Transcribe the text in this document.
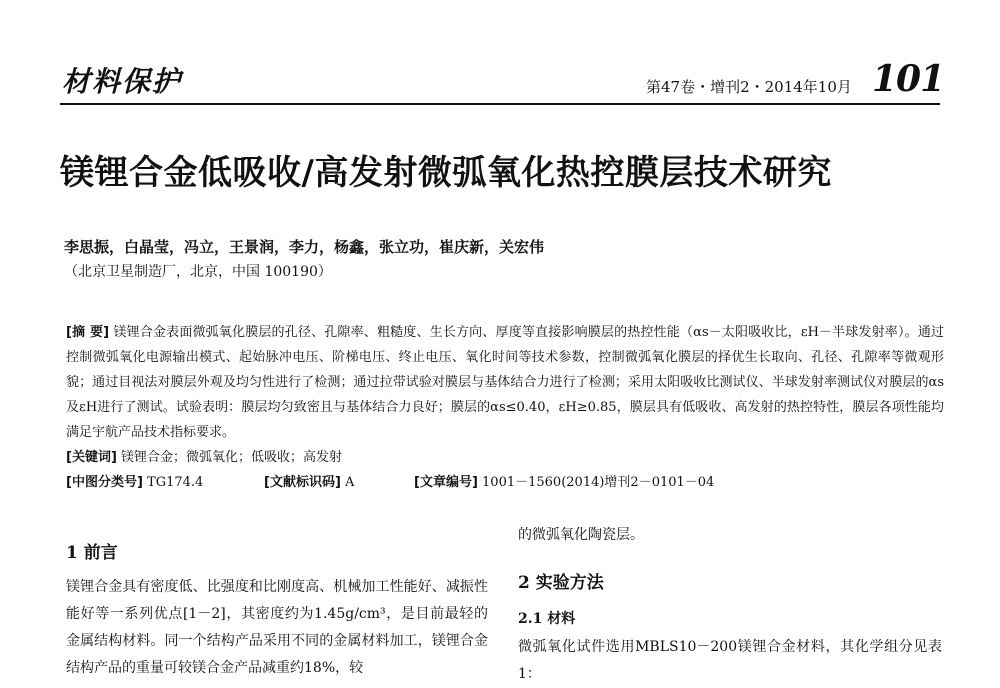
材料保护	第47卷・增刊2・2014年10月 101
镁锂合金低吸收/高发射微弧氧化热控膜层技术研究
李思振，白晶莹，冯立，王景润，李力，杨鑫，张立功，崔庆新，关宏伟
（北京卫星制造厂，北京，中国 100190）
[摘 要] 镁锂合金表面微弧氧化膜层的孔径、孔隙率、粗糙度、生长方向、厚度等直接影响膜层的热控性能（αs－太阳吸收比，εH－半球发射率）。通过控制微弧氧化电源输出模式、起始脉冲电压、阶梯电压、终止电压、氧化时间等技术参数，控制微弧氧化膜层的择优生长取向、孔径、孔隙率等微观形貌；通过目视法对膜层外观及均匀性进行了检测；通过拉带试验对膜层与基体结合力进行了检测；采用太阳吸收比测试仪、半球发射率测试仪对膜层的αs及εH进行了测试。试验表明：膜层均匀致密且与基体结合力良好；膜层的αs≤0.40，εH≥0.85，膜层具有低吸收、高发射的热控特性，膜层各项性能均满足宇航产品技术指标要求。
[关键词] 镁锂合金；微弧氧化；低吸收；高发射
[中图分类号] TG174.4	[文献标识码] A	[文章编号] 1001－1560(2014)增刊2－0101－04
1 前言
镁锂合金具有密度低、比强度和比刚度高、机械加工性能好、减振性能好等一系列优点[1－2]，其密度约为1.45g/cm³，是目前最轻的金属结构材料。同一个结构产品采用不同的金属材料加工，镁锂合金结构产品的重量可较镁合金产品减重约18%，较
的微弧氧化陶瓷层。
2 实验方法
2.1 材料
微弧氧化试件选用MBLS10－200镁锂合金材料，其化学组分见表1：
